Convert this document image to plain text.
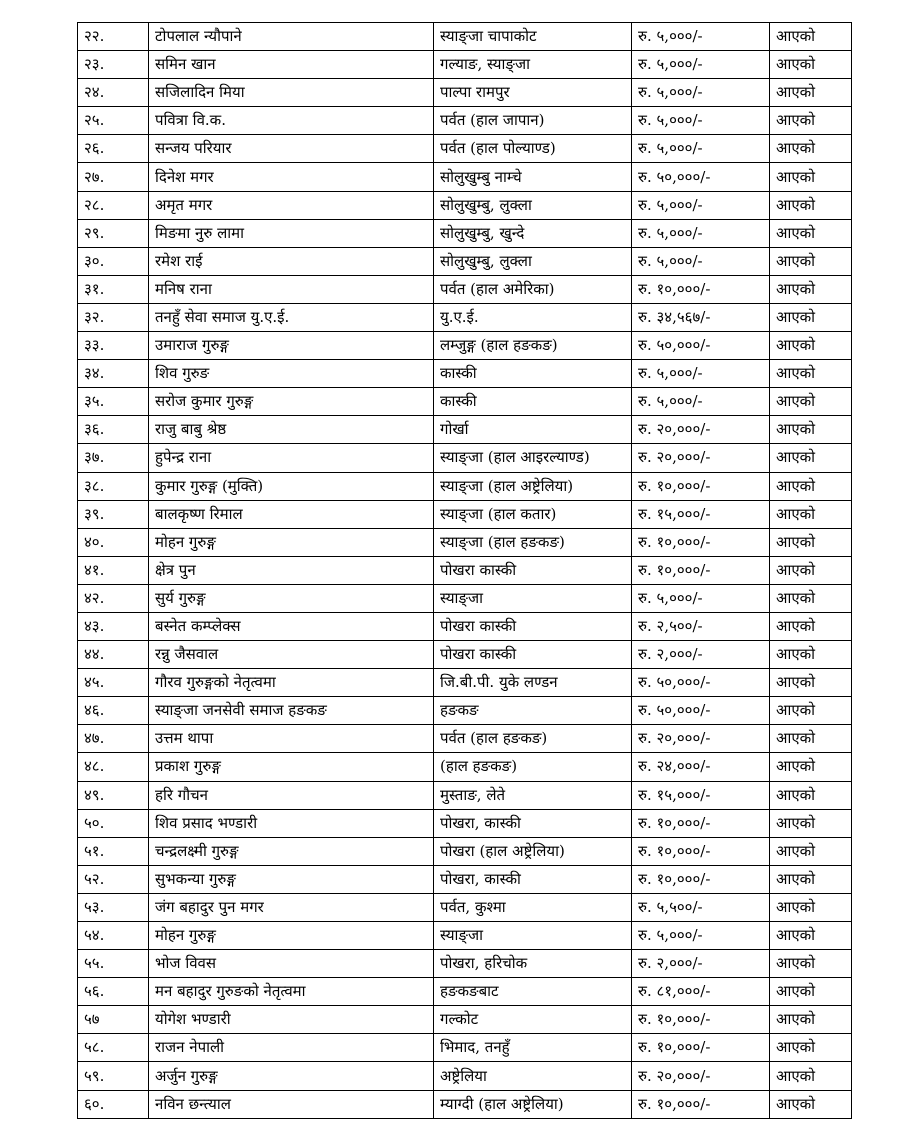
२२.	टोपलाल न्यौपाने	स्याङ्जा चापाकोट	रु. ५,०००/-	आएको
२३.	समिन खान	गल्याङ, स्याङ्जा	रु. ५,०००/-	आएको
२४.	सजिलादिन मिया	पाल्पा रामपुर	रु. ५,०००/-	आएको
२५.	पवित्रा वि.क.	पर्वत (हाल जापान)	रु. ५,०००/-	आएको
२६.	सन्जय परियार	पर्वत (हाल पोल्याण्ड)	रु. ५,०००/-	आएको
२७.	दिनेश मगर	सोलुखुम्बु नाम्चे	रु. ५०,०००/-	आएको
२८.	अमृत मगर	सोलुखुम्बु, लुक्ला	रु. ५,०००/-	आएको
२९.	मिङमा नुरु लामा	सोलुखुम्बु, खुन्दे	रु. ५,०००/-	आएको
३०.	रमेश राई	सोलुखुम्बु, लुक्ला	रु. ५,०००/-	आएको
३१.	मनिष राना	पर्वत (हाल अमेरिका)	रु. १०,०००/-	आएको
३२.	तनहुँ सेवा समाज यु.ए.ई.	यु.ए.ई.	रु. ३४,५६७/-	आएको
३३.	उमाराज गुरुङ्ग	लम्जुङ्ग (हाल हङकङ)	रु. ५०,०००/-	आएको
३४.	शिव गुरुङ	कास्की	रु. ५,०००/-	आएको
३५.	सरोज कुमार गुरुङ्ग	कास्की	रु. ५,०००/-	आएको
३६.	राजु बाबु श्रेष्ठ	गोर्खा	रु. २०,०००/-	आएको
३७.	हुपेन्द्र राना	स्याङ्जा (हाल आइरल्याण्ड)	रु. २०,०००/-	आएको
३८.	कुमार गुरुङ्ग (मुक्ति)	स्याङ्जा (हाल अष्ट्रेलिया)	रु. १०,०००/-	आएको
३९.	बालकृष्ण रिमाल	स्याङ्जा (हाल कतार)	रु. १५,०००/-	आएको
४०.	मोहन गुरुङ्ग	स्याङ्जा (हाल हङकङ)	रु. १०,०००/-	आएको
४१.	क्षेत्र पुन	पोखरा कास्की	रु. १०,०००/-	आएको
४२.	सुर्य गुरुङ्ग	स्याङ्जा	रु. ५,०००/-	आएको
४३.	बस्नेत कम्प्लेक्स	पोखरा कास्की	रु. २,५००/-	आएको
४४.	रन्नु जैसवाल	पोखरा कास्की	रु. २,०००/-	आएको
४५.	गौरव गुरुङ्गको नेतृत्वमा	जि.बी.पी. युके लण्डन	रु. ५०,०००/-	आएको
४६.	स्याङ्जा जनसेवी समाज हङकङ	हङकङ	रु. ५०,०००/-	आएको
४७.	उत्तम थापा	पर्वत (हाल हङकङ)	रु. २०,०००/-	आएको
४८.	प्रकाश गुरुङ्ग	(हाल हङकङ)	रु. २४,०००/-	आएको
४९.	हरि गौचन	मुस्ताङ, लेते	रु. १५,०००/-	आएको
५०.	शिव प्रसाद भण्डारी	पोखरा, कास्की	रु. १०,०००/-	आएको
५१.	चन्द्रलक्ष्मी गुरुङ्ग	पोखरा (हाल अष्ट्रेलिया)	रु. १०,०००/-	आएको
५२.	सुभकन्या गुरुङ्ग	पोखरा, कास्की	रु. १०,०००/-	आएको
५३.	जंग बहादुर पुन मगर	पर्वत, कुश्मा	रु. ५,५००/-	आएको
५४.	मोहन गुरुङ्ग	स्याङ्जा	रु. ५,०००/-	आएको
५५.	भोज विवस	पोखरा, हरिचोक	रु. २,०००/-	आएको
५६.	मन बहादुर गुरुङको नेतृत्वमा	हङकङबाट	रु. ८१,०००/-	आएको
५७	योगेश भण्डारी	गल्कोट	रु. १०,०००/-	आएको
५८.	राजन नेपाली	भिमाद, तनहुँ	रु. १०,०००/-	आएको
५९.	अर्जुन गुरुङ्ग	अष्ट्रेलिया	रु. २०,०००/-	आएको
६०.	नविन छन्त्याल	म्याग्दी (हाल अष्ट्रेलिया)	रु. १०,०००/-	आएको
